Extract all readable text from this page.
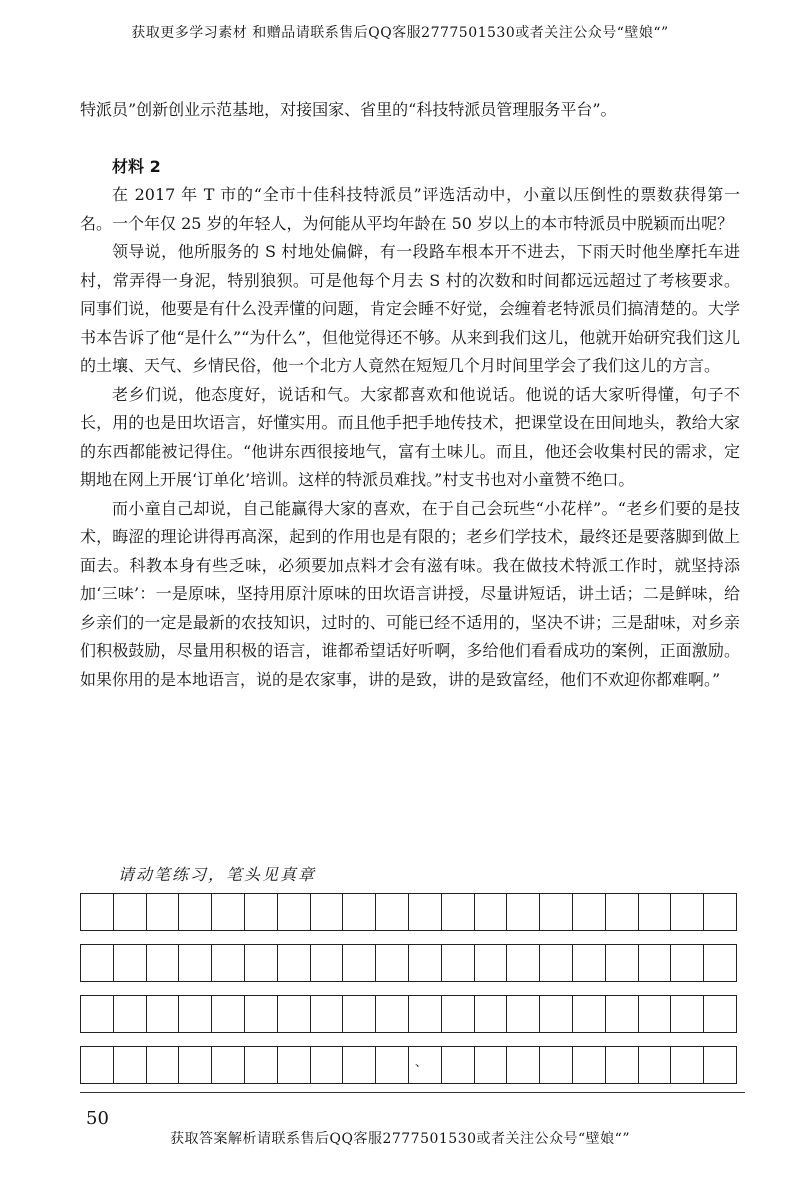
获取更多学习素材 和赠品请联系售后QQ客服2777501530或者关注公众号“壁娘“”

特派员”创新创业示范基地，对接国家、省里的“科技特派员管理服务平台”。

材料 2

在 2017 年 T 市的“全市十佳科技特派员”评选活动中，小童以压倒性的票数获得第一名。一个年仅 25 岁的年轻人，为何能从平均年龄在 50 岁以上的本市特派员中脱颖而出呢？

领导说，他所服务的 S 村地处偏僻，有一段路车根本开不进去，下雨天时他坐摩托车进村，常弄得一身泥，特别狼狈。可是他每个月去 S 村的次数和时间都远远超过了考核要求。同事们说，他要是有什么没弄懂的问题，肯定会睡不好觉，会缠着老特派员们搞清楚的。大学书本告诉了他“是什么”“为什么”，但他觉得还不够。从来到我们这儿，他就开始研究我们这儿的土壤、天气、乡情民俗，他一个北方人竟然在短短几个月时间里学会了我们这儿的方言。

老乡们说，他态度好，说话和气。大家都喜欢和他说话。他说的话大家听得懂，句子不长，用的也是田坎语言，好懂实用。而且他手把手地传技术，把课堂设在田间地头，教给大家的东西都能被记得住。“他讲东西很接地气，富有土味儿。而且，他还会收集村民的需求，定期地在网上开展‘订单化’培训。这样的特派员难找。”村支书也对小童赞不绝口。

而小童自己却说，自己能赢得大家的喜欢，在于自己会玩些“小花样”。“老乡们要的是技术，晦涩的理论讲得再高深，起到的作用也是有限的；老乡们学技术，最终还是要落脚到做上面去。科教本身有些乏味，必须要加点料才会有滋有味。我在做技术特派工作时，就坚持添加‘三味’：一是原味，坚持用原汁原味的田坎语言讲授，尽量讲短话，讲土话；二是鲜味，给乡亲们的一定是最新的农技知识，过时的、可能已经不适用的，坚决不讲；三是甜味，对乡亲们积极鼓励，尽量用积极的语言，谁都希望话好听啊，多给他们看看成功的案例，正面激励。如果你用的是本地语言，说的是农家事，讲的是致，讲的是致富经，他们不欢迎你都难啊。”

请动笔练习，笔头见真章
、
50
获取答案解析请联系售后QQ客服2777501530或者关注公众号“壁娘“”
